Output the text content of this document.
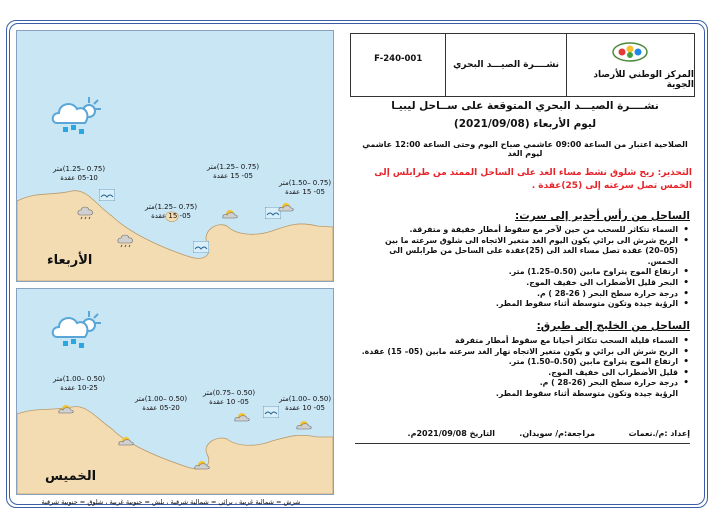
(0.75 –1.25)متر
05-10 عقدة
(0.75 –1.25)متر
05- 15 عقدة
(0.75 –1.50)متر
05- 15 عقدة
(0.75 –1.25)متر
05- 15 عقدة
الأربعاء
(0.50 –1.00)متر
10-25 عقدة
(0.50 –1.00)متر
05-20 عقدة
(0.50 –0.75)متر
05- 10 عقدة	(0.50 –1.00)متر
05- 10 عقدة
الخميس
شرش = شمالية غربية ، برائي = شمالية شرقية ، بلش = جنوبية غربية ، شلوق = جنوبية شرقية
المركز الوطني للأرصاد الجوية
نشــــرة الصيـــد البحري
F-240-001
نشــــرة الصيـــد البحري المتوقعة على ســاحل ليبيـا
ليوم الأربعاء (2021/09/08)
الصلاحية اعتبار من الساعة 09:00 عاشمي صباح اليوم وحتى الساعة 12:00 عاشمي ليوم الغد
التحذير: ريح شلوق نشط مساء الغد على الساحل الممتد من طرابلس إلى الخمس تصل سرعته إلى (25)عقدة .
الساحل من رأس أجدير إلى سرت:
• السماء تتكاثر للسحب من حين لآخر مع سقوط أمطار خفيفة و متفرقة.
• الريح شرش الى برائي يكون اليوم الغد متغير الاتجاه الى شلوق سرعته ما بين
(05–20) عقدة تصل مساء الغد الى (25)عقدة على الساحل من طرابلس الى الخمس.
• ارتفاع الموج يتراوح مابين (0.50–1.25) متر.
• البحر قليل الأضطراب الى خفيف الموج.
• درجة حرارة سطح البحر ( 26-28 ) م.
• الرؤية جيدة وتكون متوسطة أثناء سقوط المطر.
الساحل من الخليج إلى طبرق:
• السماء قليلة السحب تتكاثر أحيانا مع سقوط أمطار متفرقة
• الريح شرش الى برائي و يكون متغير الاتجاه نهار الغد سرعته مابين (05– 15) عقدة.
• ارتفاع الموج يتراوح مابين (0.50–1.50) متر.
• قليل الأضطراب الى خفيف الموج.
• درجة حرارة سطح البحر (26-28 ) م.
الرؤية جيدة وتكون متوسطة أثناء سقوط المطر.
إعداد :م/.نعمات
مراجعة:م/ سويدان.
التاريخ 2021/09/08م.
